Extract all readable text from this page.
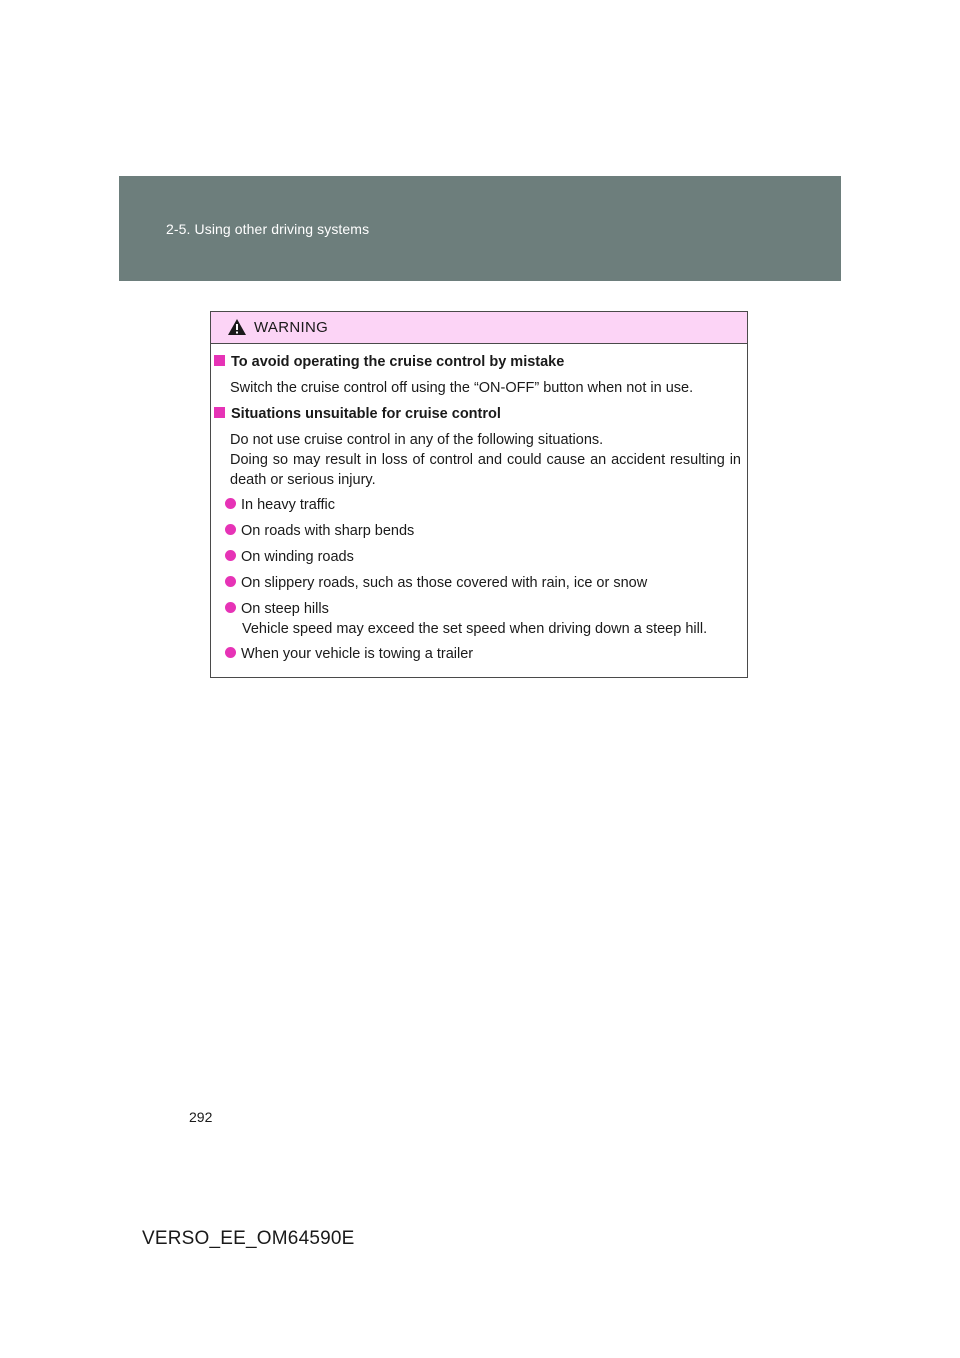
2-5. Using other driving systems
WARNING
To avoid operating the cruise control by mistake
Switch the cruise control off using the “ON-OFF” button when not in use.
Situations unsuitable for cruise control
Do not use cruise control in any of the following situations.
Doing so may result in loss of control and could cause an accident resulting in death or serious injury.
In heavy traffic
On roads with sharp bends
On winding roads
On slippery roads, such as those covered with rain, ice or snow
On steep hills
Vehicle speed may exceed the set speed when driving down a steep hill.
When your vehicle is towing a trailer
292
VERSO_EE_OM64590E
